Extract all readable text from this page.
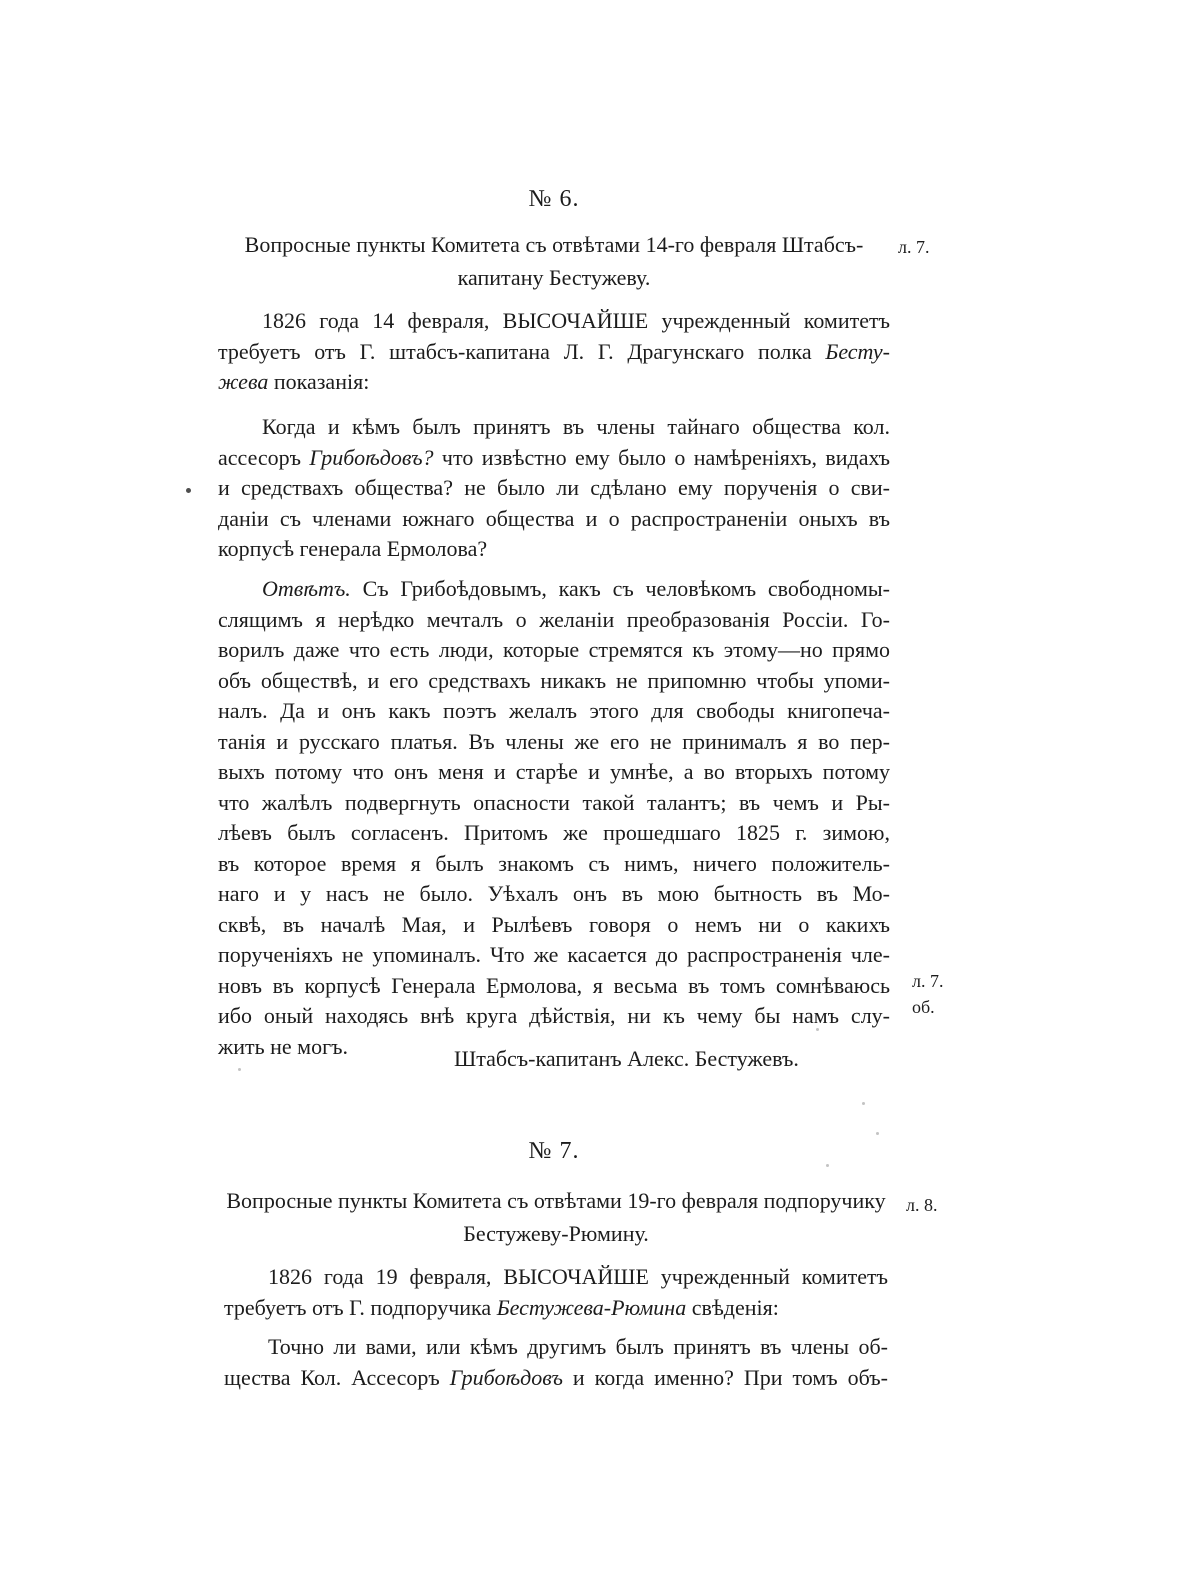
№ 6.
Вопросные пункты Комитета съ отвѣтами 14-го февраля Штабсъ-
капитану Бестужеву.
л. 7.
1826 года 14 февраля, ВЫСОЧАЙШЕ учрежденный комитетъ
требуетъ отъ Г. штабсъ-капитана Л. Г. Драгунскаго полка Бесту-
жева показанія:
Когда и кѣмъ былъ принятъ въ члены тайнаго общества кол.
ассесоръ Грибоѣдовъ? что извѣстно ему было о намѣреніяхъ, видахъ
и средствахъ общества? не было ли сдѣлано ему порученія о сви-
даніи съ членами южнаго общества и о распространеніи оныхъ въ
корпусѣ генерала Ермолова?
Отвѣтъ. Съ Грибоѣдовымъ, какъ съ человѣкомъ свободномы-
слящимъ я нерѣдко мечталъ о желаніи преобразованія Россіи. Го-
ворилъ даже что есть люди, которые стремятся къ этому—но прямо
объ обществѣ, и его средствахъ никакъ не припомню чтобы упоми-
налъ. Да и онъ какъ поэтъ желалъ этого для свободы книгопеча-
танія и русскаго платья. Въ члены же его не принималъ я во пер-
выхъ потому что онъ меня и старѣе и умнѣе, а во вторыхъ потому
что жалѣлъ подвергнуть опасности такой талантъ; въ чемъ и Ры-
лѣевъ былъ согласенъ. Притомъ же прошедшаго 1825 г. зимою,
въ которое время я былъ знакомъ съ нимъ, ничего положитель-
наго и у насъ не было. Уѣхалъ онъ въ мою бытность въ Мо-
сквѣ, въ началѣ Мая, и Рылѣевъ говоря о немъ ни о какихъ
порученіяхъ не упоминалъ. Что же касается до распространенія чле-
новъ въ корпусѣ Генерала Ермолова, я весьма въ томъ сомнѣваюсь
ибо оный находясь внѣ круга дѣйствія, ни къ чему бы намъ слу-
жить не могъ.
л. 7.
об.
Штабсъ-капитанъ Алекс. Бестужевъ.
№ 7.
Вопросные пункты Комитета съ отвѣтами 19-го февраля подпоручику
Бестужеву-Рюмину.
л. 8.
1826 года 19 февраля, ВЫСОЧАЙШЕ учрежденный комитетъ
требуетъ отъ Г. подпоручика Бестужева-Рюмина свѣденія:
Точно ли вами, или кѣмъ другимъ былъ принятъ въ члены об-
щества Кол. Ассесоръ Грибоѣдовъ и когда именно? При томъ объ-
